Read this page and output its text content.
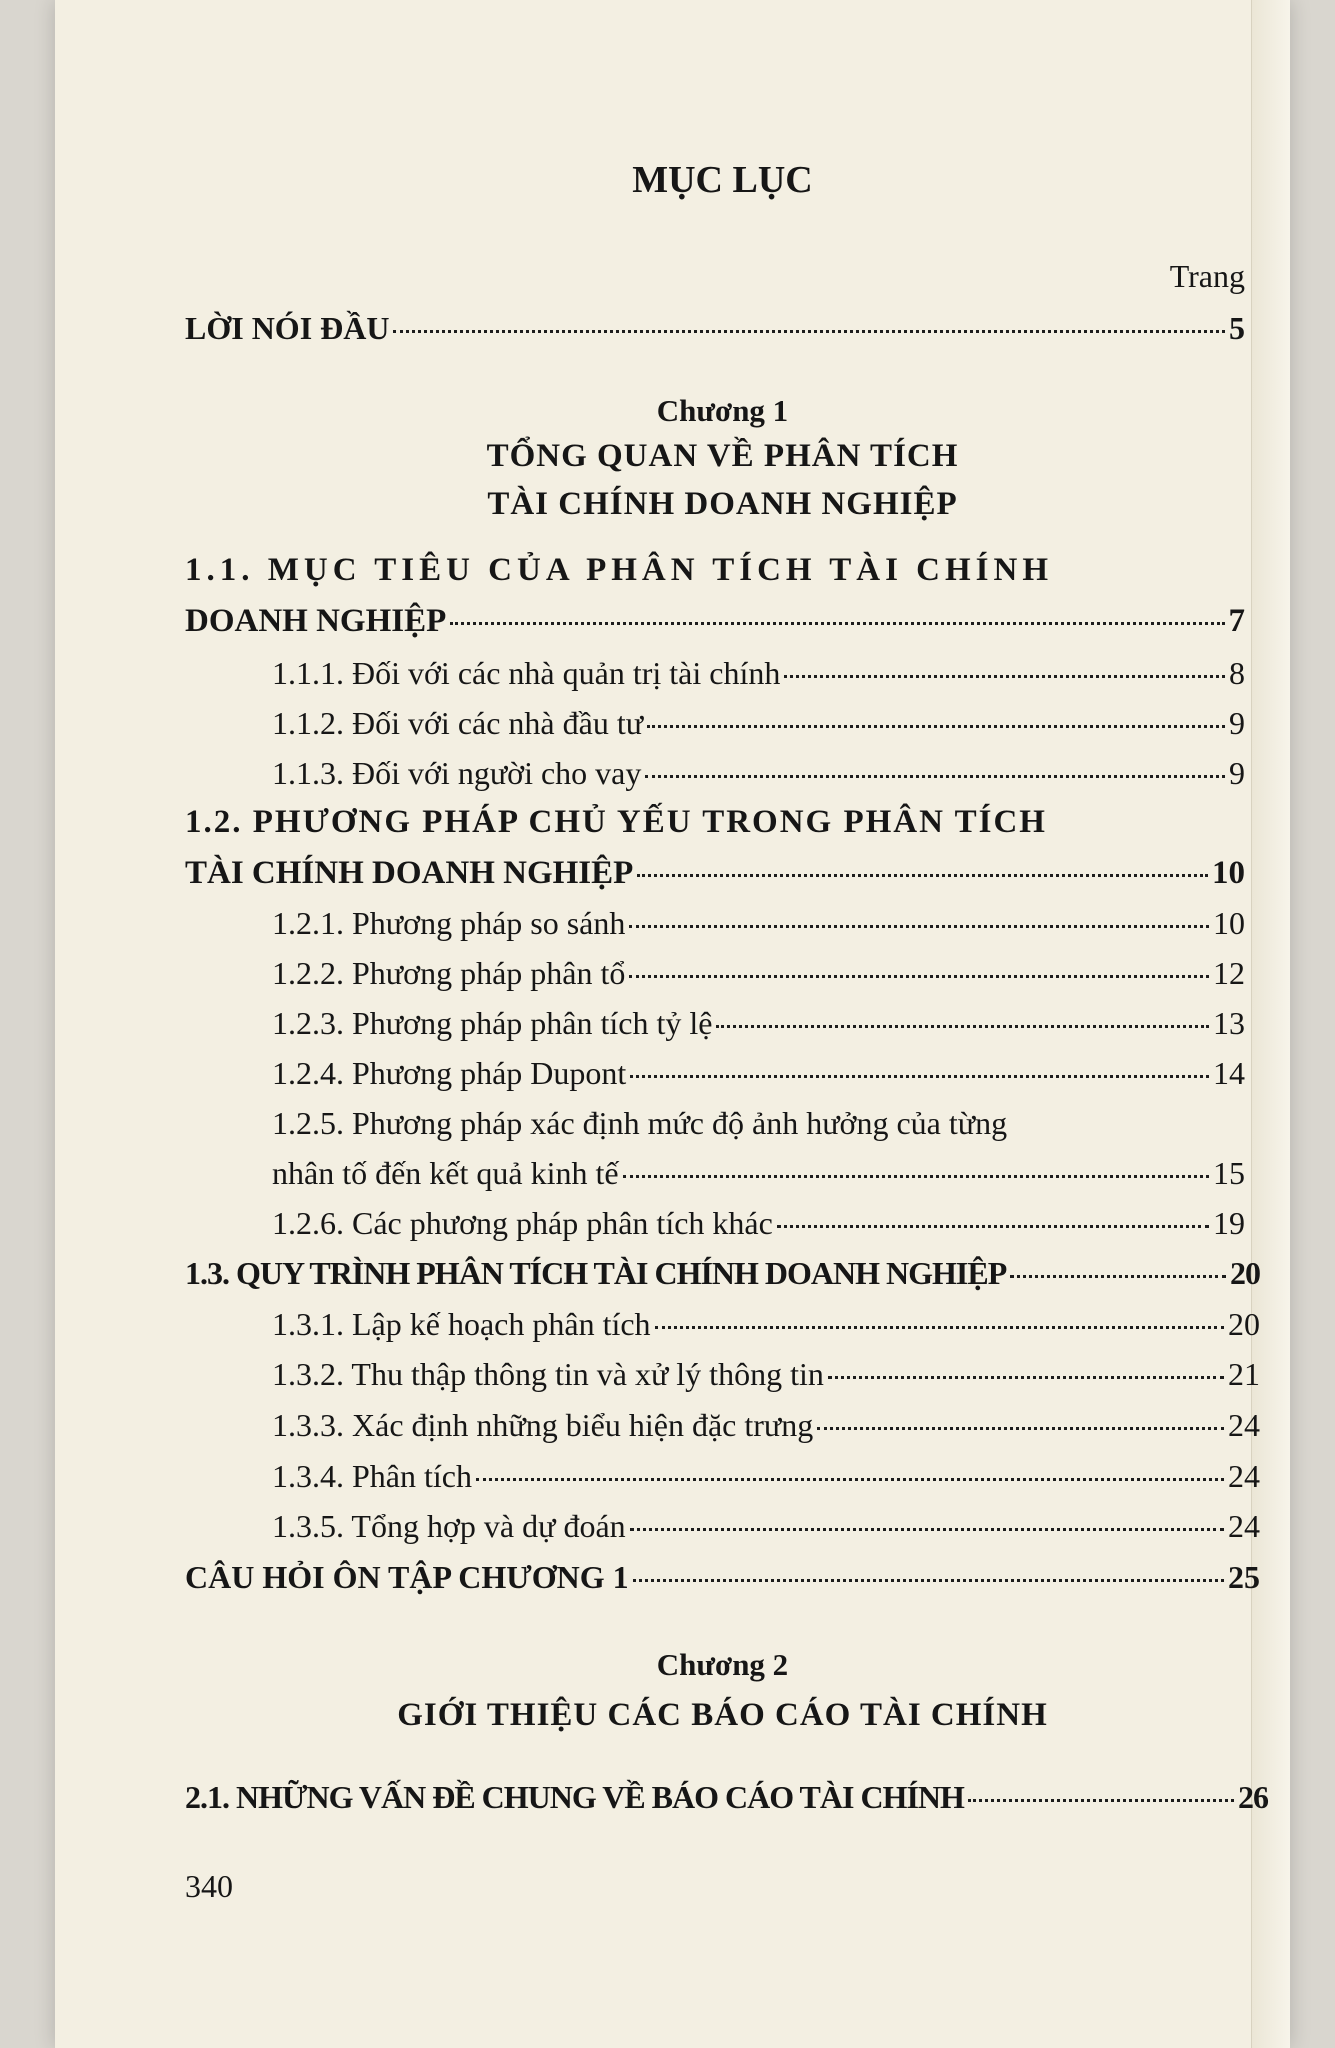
MỤC LỤC
Trang
LỜI NÓI ĐẦU	5
Chương 1
TỔNG QUAN VỀ PHÂN TÍCH
TÀI CHÍNH DOANH NGHIỆP
1.1. MỤC TIÊU CỦA PHÂN TÍCH TÀI CHÍNH
DOANH NGHIỆP	7
1.1.1. Đối với các nhà quản trị tài chính	8
1.1.2. Đối với các nhà đầu tư	9
1.1.3. Đối với người cho vay	9
1.2. PHƯƠNG PHÁP CHỦ YẾU TRONG PHÂN TÍCH
TÀI CHÍNH DOANH NGHIỆP	10
1.2.1. Phương pháp so sánh	10
1.2.2. Phương pháp phân tổ	12
1.2.3. Phương pháp phân tích tỷ lệ	13
1.2.4. Phương pháp Dupont	14
1.2.5. Phương pháp xác định mức độ ảnh hưởng của từng
nhân tố đến kết quả kinh tế	15
1.2.6. Các phương pháp phân tích khác	19
1.3. QUY TRÌNH PHÂN TÍCH TÀI CHÍNH DOANH NGHIỆP	20
1.3.1. Lập kế hoạch phân tích	20
1.3.2. Thu thập thông tin và xử lý thông tin	21
1.3.3. Xác định những biểu hiện đặc trưng	24
1.3.4. Phân tích	24
1.3.5. Tổng hợp và dự đoán	24
CÂU HỎI ÔN TẬP CHƯƠNG 1	25
Chương 2
GIỚI THIỆU CÁC BÁO CÁO TÀI CHÍNH
2.1. NHỮNG VẤN ĐỀ CHUNG VỀ BÁO CÁO TÀI CHÍNH	26
340
